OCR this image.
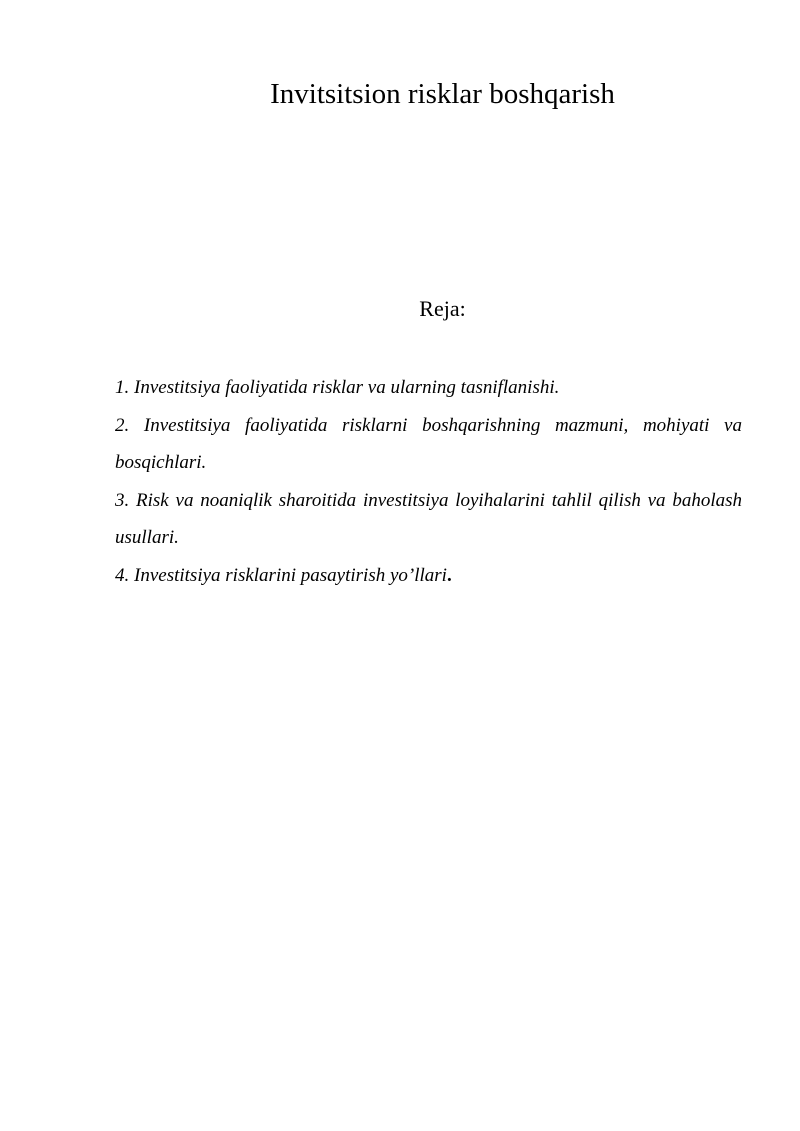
Invitsitsion risklar boshqarish

Reja:

1. Investitsiya faoliyatida risklar va ularning tasniflanishi.
2. Investitsiya faoliyatida risklarni boshqarishning mazmuni, mohiyati va bosqichlari.
3. Risk va noaniqlik sharoitida investitsiya loyihalarini tahlil qilish va baholash usullari.
4. Investitsiya risklarini pasaytirish yo’llari.
